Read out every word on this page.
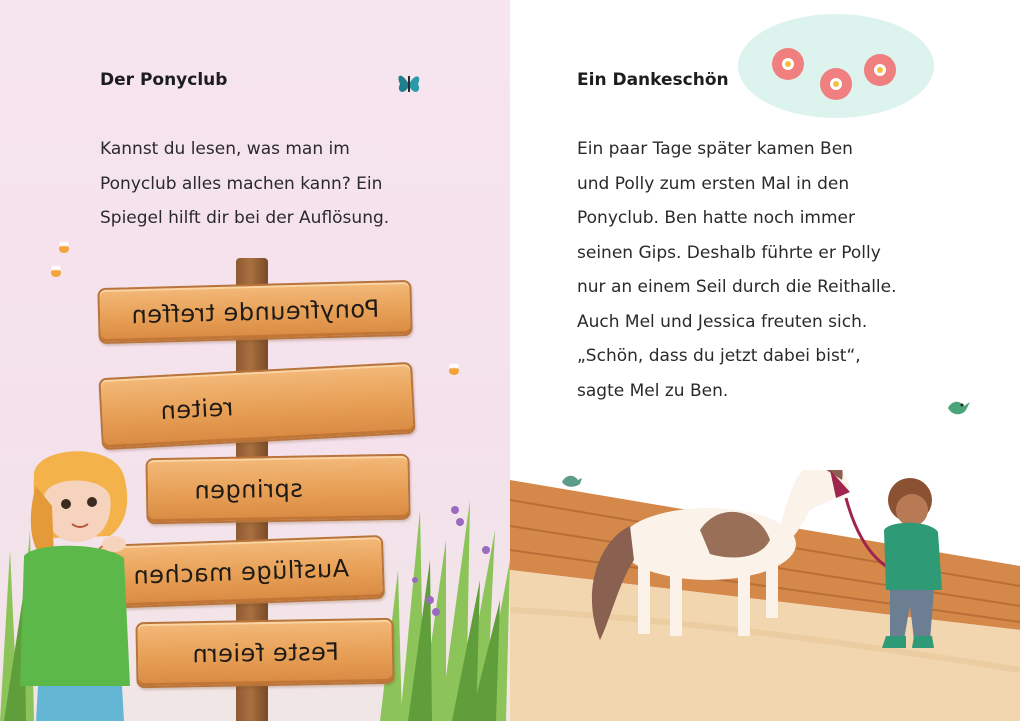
Der Ponyclub

Kannst du lesen, was man im

Ponyclub alles machen kann? Ein

Spiegel hilft dir bei der Auflösung.

Ponyfreunde treffen
reiten
springen
Ausflüge machen
Feste feiern
Ein Dankeschön

Ein paar Tage später kamen Ben

und Polly zum ersten Mal in den

Ponyclub. Ben hatte noch immer

seinen Gips. Deshalb führte er Polly

nur an einem Seil durch die Reithalle.

Auch Mel und Jessica freuten sich.

„Schön, dass du jetzt dabei bist“,

sagte Mel zu Ben.
